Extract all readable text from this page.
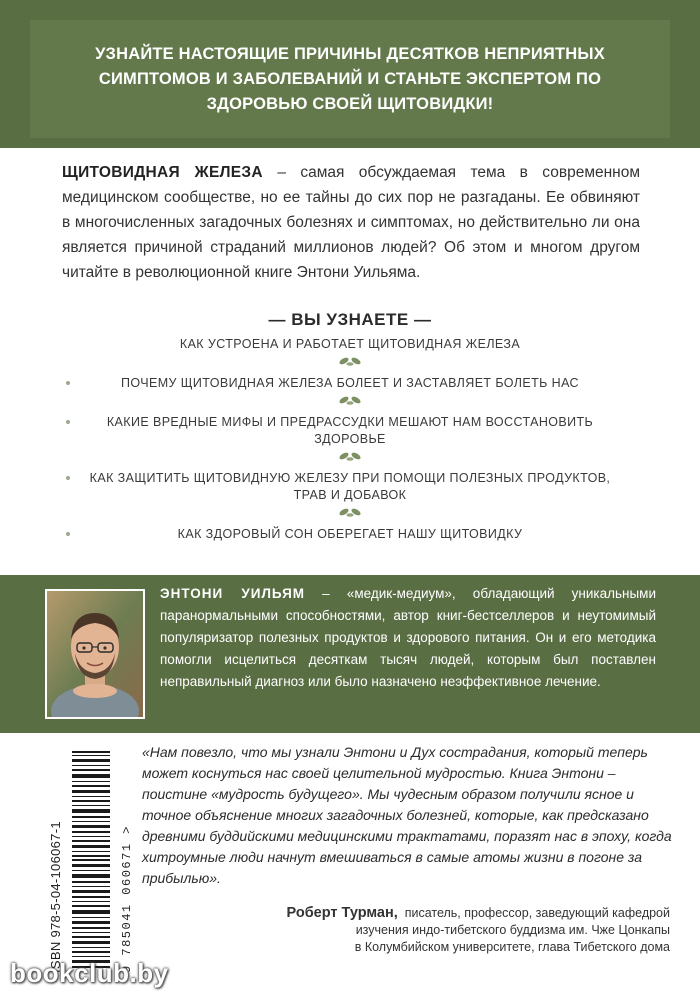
УЗНАЙТЕ НАСТОЯЩИЕ ПРИЧИНЫ ДЕСЯТКОВ НЕПРИЯТНЫХ СИМПТОМОВ И ЗАБОЛЕВАНИЙ И СТАНЬТЕ ЭКСПЕРТОМ ПО ЗДОРОВЬЮ СВОЕЙ ЩИТОВИДКИ!
ЩИТОВИДНАЯ ЖЕЛЕЗА – самая обсуждаемая тема в современном медицинском сообществе, но ее тайны до сих пор не разгаданы. Ее обвиняют в многочисленных загадочных болезнях и симптомах, но действительно ли она является причиной страданий миллионов людей? Об этом и многом другом читайте в революционной книге Энтони Уильяма.
— ВЫ УЗНАЕТЕ —
КАК УСТРОЕНА И РАБОТАЕТ ЩИТОВИДНАЯ ЖЕЛЕЗА
ПОЧЕМУ ЩИТОВИДНАЯ ЖЕЛЕЗА БОЛЕЕТ И ЗАСТАВЛЯЕТ БОЛЕТЬ НАС
КАКИЕ ВРЕДНЫЕ МИФЫ И ПРЕДРАССУДКИ МЕШАЮТ НАМ ВОССТАНОВИТЬ ЗДОРОВЬЕ
КАК ЗАЩИТИТЬ ЩИТОВИДНУЮ ЖЕЛЕЗУ ПРИ ПОМОЩИ ПОЛЕЗНЫХ ПРОДУКТОВ, ТРАВ И ДОБАВОК
КАК ЗДОРОВЫЙ СОН ОБЕРЕГАЕТ НАШУ ЩИТОВИДКУ
ЭНТОНИ УИЛЬЯМ – «медик-медиум», обладающий уникальными паранормальными способностями, автор книг-бестселлеров и неутомимый популяризатор полезных продуктов и здорового питания. Он и его методика помогли исцелиться десяткам тысяч людей, которым был поставлен неправильный диагноз или было назначено неэффективное лечение.
ISBN 978-5-04-106067-1	9 785041 060671 >
«Нам повезло, что мы узнали Энтони и Дух сострадания, который теперь может коснуться нас своей целительной мудростью. Книга Энтони – поистине «мудрость будущего». Мы чудесным образом получили ясное и точное объяснение многих загадочных болезней, которые, как предсказано древними буддийскими медицинскими трактатами, поразят нас в эпоху, когда хитроумные люди начнут вмешиваться в самые атомы жизни в погоне за прибылью».
Роберт Турман, писатель, профессор, заведующий кафедрой
изучения индо-тибетского буддизма им. Чже Цонкапы
в Колумбийском университете, глава Тибетского дома
bookclub.by
